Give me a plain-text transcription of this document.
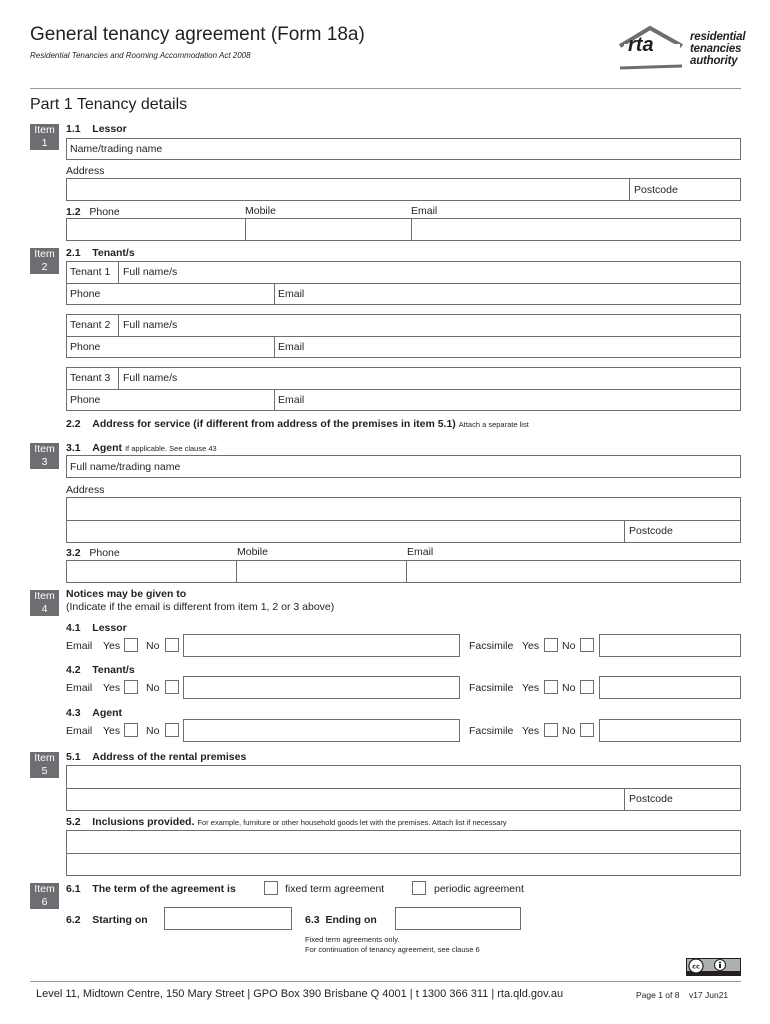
General tenancy agreement (Form 18a)
Residential Tenancies and Rooming Accommodation Act 2008	rta	residential
tenancies
authority
Part 1 Tenancy details
Item
1
1.1 Lessor
Name/trading name
Address
Postcode
1.2 Phone	Mobile	Email
Item
2
2.1 Tenant/s
Tenant 1 Full name/s
Phone	Email
Tenant 2 Full name/s
Phone	Email
Tenant 3 Full name/s
Phone	Email
2.2 Address for service (if different from address of the premises in item 5.1) Attach a separate list
Item
3
3.1 Agent If applicable. See clause 43
Full name/trading name
Address
Postcode
3.2 Phone	Mobile	Email
Item
4
Notices may be given to
(Indicate if the email is different from item 1, 2 or 3 above)
4.1 Lessor
Email Yes No	Facsimile Yes No
4.2 Tenant/s
Email Yes No	Facsimile Yes No
4.3 Agent
Email Yes No	Facsimile Yes No
Item
5
5.1 Address of the rental premises
Postcode
5.2 Inclusions provided. For example, furniture or other household goods let with the premises. Attach list if necessary
Item
6
6.1 The term of the agreement is	fixed term agreement	periodic agreement
6.2 Starting on	6.3 Ending on
Fixed term agreements only.
For continuation of tenancy agreement, see clause 6
cc
Level 11, Midtown Centre, 150 Mary Street | GPO Box 390 Brisbane Q 4001 | t 1300 366 311 | rta.qld.gov.au	Page 1 of 8 v17 Jun21
